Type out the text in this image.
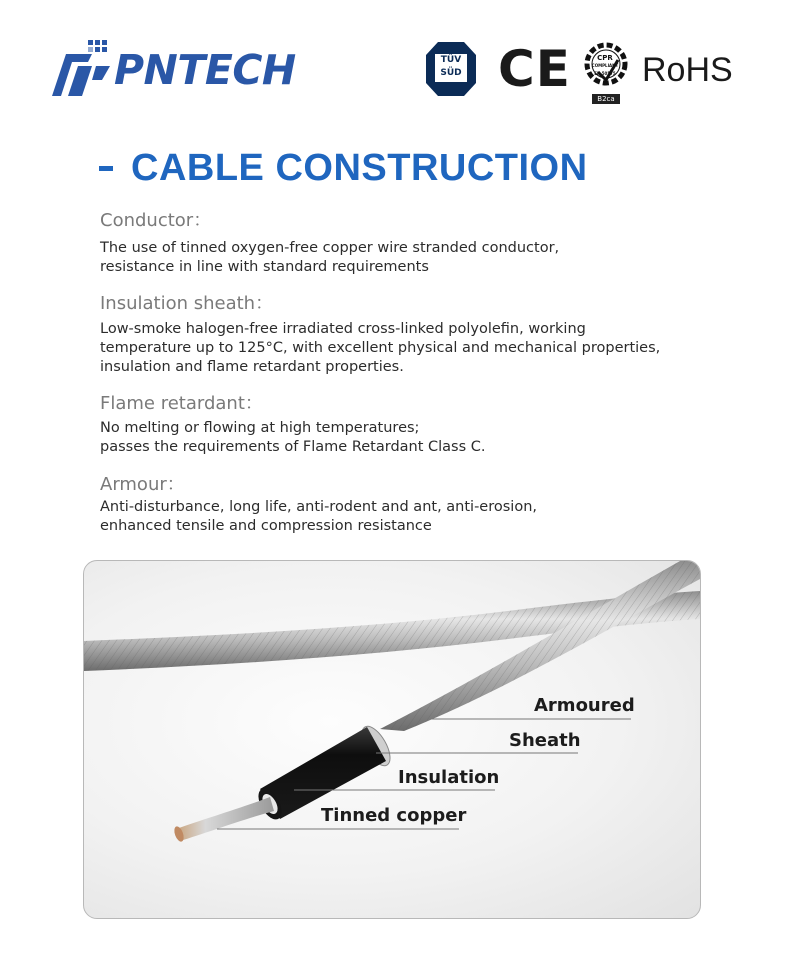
PNTECH	TÜV
SÜD CE	CPR
COMPLIANT
EN 50575
B2ca
RoHS
CABLE CONSTRUCTION
Conductor：
The use of tinned oxygen-free copper wire stranded conductor,
resistance in line with standard requirements
Insulation sheath：
Low-smoke halogen-free irradiated cross-linked polyolefin, working
temperature up to 125°C, with excellent physical and mechanical properties,
insulation and flame retardant properties.
Flame retardant：
No melting or flowing at high temperatures;
passes the requirements of Flame Retardant Class C.
Armour：
Anti-disturbance, long life, anti-rodent and ant, anti-erosion,
enhanced tensile and compression resistance
Armoured
Sheath
Insulation
Tinned copper
